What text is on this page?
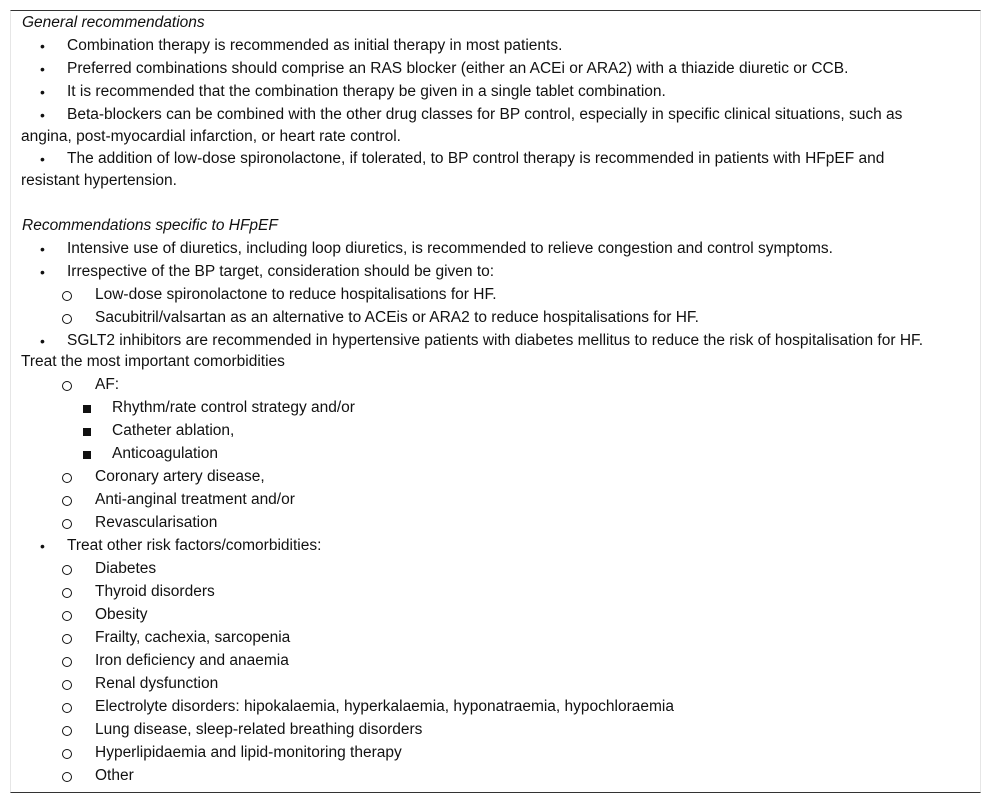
General recommendations
• Combination therapy is recommended as initial therapy in most patients.
• Preferred combinations should comprise an RAS blocker (either an ACEi or ARA2) with a thiazide diuretic or CCB.
• It is recommended that the combination therapy be given in a single tablet combination.
• Beta-blockers can be combined with the other drug classes for BP control, especially in specific clinical situations, such as
angina, post-myocardial infarction, or heart rate control.
• The addition of low-dose spironolactone, if tolerated, to BP control therapy is recommended in patients with HFpEF and
resistant hypertension.
Recommendations specific to HFpEF
• Intensive use of diuretics, including loop diuretics, is recommended to relieve congestion and control symptoms.
• Irrespective of the BP target, consideration should be given to:
Low-dose spironolactone to reduce hospitalisations for HF.
Sacubitril/valsartan as an alternative to ACEis or ARA2 to reduce hospitalisations for HF.
• SGLT2 inhibitors are recommended in hypertensive patients with diabetes mellitus to reduce the risk of hospitalisation for HF.
Treat the most important comorbidities
AF:
Rhythm/rate control strategy and/or
Catheter ablation,
Anticoagulation
Coronary artery disease,
Anti-anginal treatment and/or
Revascularisation
• Treat other risk factors/comorbidities:
Diabetes
Thyroid disorders
Obesity
Frailty, cachexia, sarcopenia
Iron deficiency and anaemia
Renal dysfunction
Electrolyte disorders: hipokalaemia, hyperkalaemia, hyponatraemia, hypochloraemia
Lung disease, sleep-related breathing disorders
Hyperlipidaemia and lipid-monitoring therapy
Other
